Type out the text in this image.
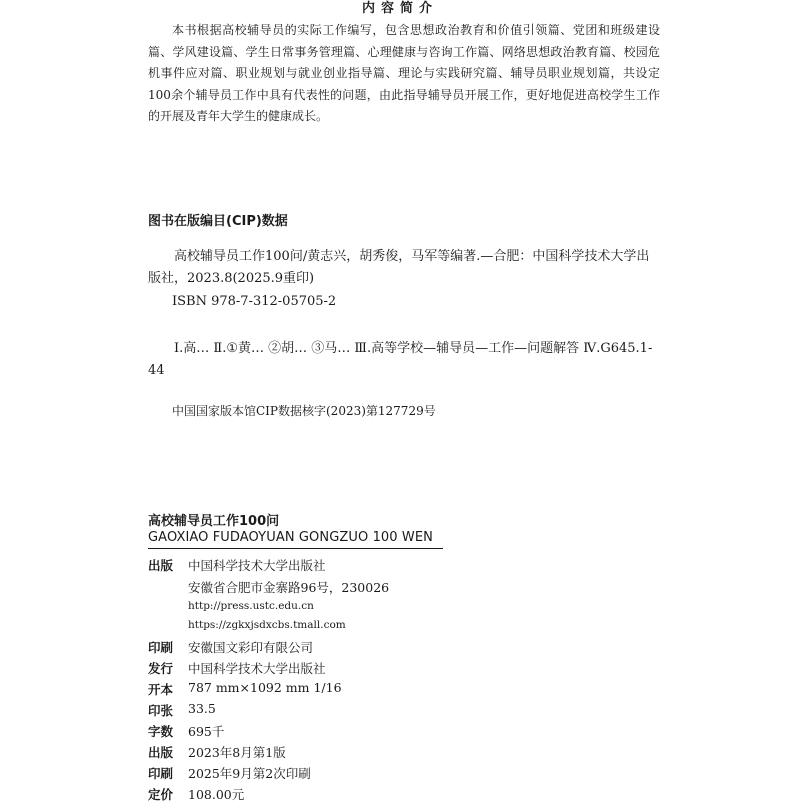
内容简介
本书根据高校辅导员的实际工作编写，包含思想政治教育和价值引领篇、党团和班级建设篇、学风建设篇、学生日常事务管理篇、心理健康与咨询工作篇、网络思想政治教育篇、校园危机事件应对篇、职业规划与就业创业指导篇、理论与实践研究篇、辅导员职业规划篇，共设定100余个辅导员工作中具有代表性的问题，由此指导辅导员开展工作，更好地促进高校学生工作的开展及青年大学生的健康成长。
图书在版编目(CIP)数据
高校辅导员工作100问/黄志兴，胡秀俊，马军等编著.—合肥：中国科学技术大学出版社，2023.8(2025.9重印)
ISBN 978-7-312-05705-2
Ⅰ.高… Ⅱ.①黄… ②胡… ③马… Ⅲ.高等学校—辅导员—工作—问题解答 Ⅳ.G645.1-44
中国国家版本馆CIP数据核字(2023)第127729号
高校辅导员工作100问
GAOXIAO FUDAOYUAN GONGZUO 100 WEN
出版 中国科学技术大学出版社
安徽省合肥市金寨路96号，230026
http://press.ustc.edu.cn
https://zgkxjsdxcbs.tmall.com
印刷 安徽国文彩印有限公司
发行 中国科学技术大学出版社
开本 787 mm×1092 mm 1/16
印张 33.5
字数 695千
出版 2023年8月第1版
印刷 2025年9月第2次印刷
定价 108.00元
